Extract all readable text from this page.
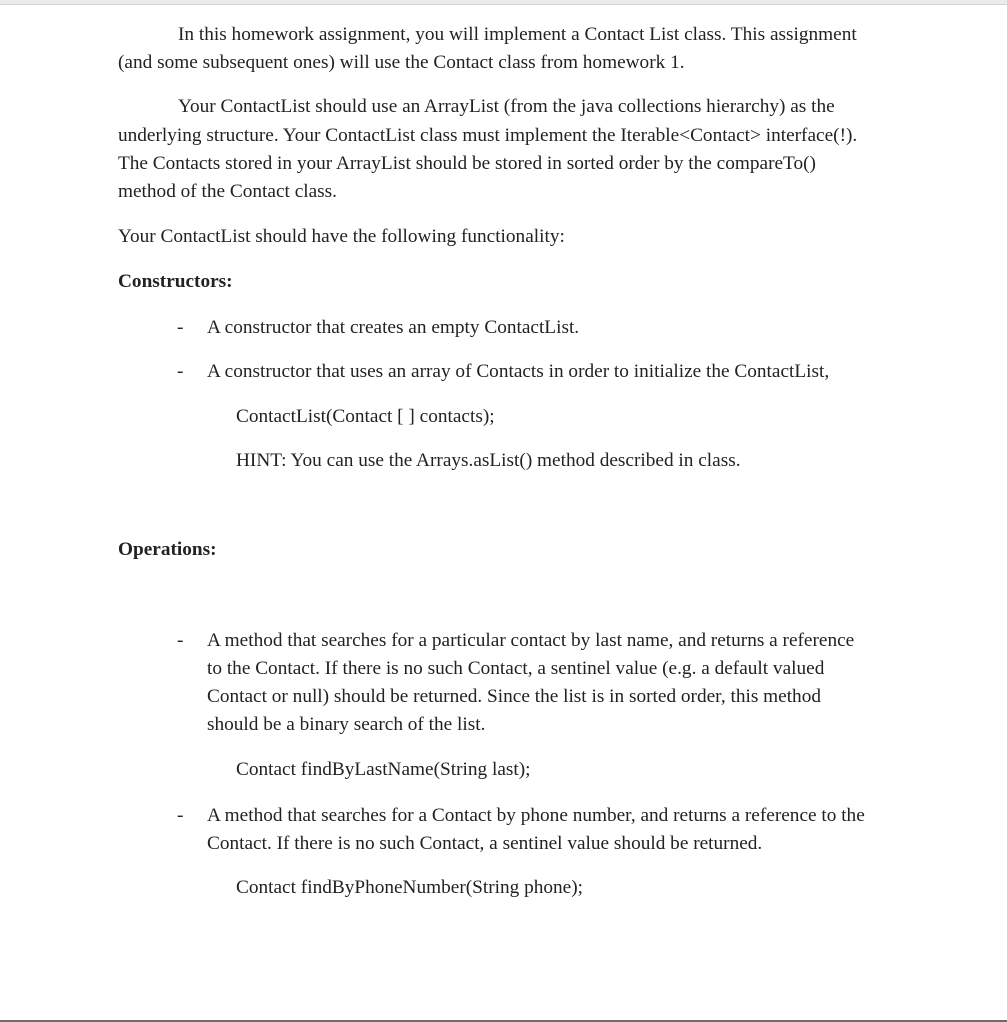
In this homework assignment, you will implement a Contact List class. This assignment
(and some subsequent ones) will use the Contact class from homework 1.
Your ContactList should use an ArrayList (from the java collections hierarchy) as the
underlying structure. Your ContactList class must implement the Iterable<Contact> interface(!).
The Contacts stored in your ArrayList should be stored in sorted order by the compareTo()
method of the Contact class.
Your ContactList should have the following functionality:
Constructors:
- A constructor that creates an empty ContactList.
- A constructor that uses an array of Contacts in order to initialize the ContactList,
ContactList(Contact [ ] contacts);
HINT: You can use the Arrays.asList() method described in class.
Operations:
- A method that searches for a particular contact by last name, and returns a reference
to the Contact. If there is no such Contact, a sentinel value (e.g. a default valued
Contact or null) should be returned. Since the list is in sorted order, this method
should be a binary search of the list.
Contact findByLastName(String last);
- A method that searches for a Contact by phone number, and returns a reference to the
Contact. If there is no such Contact, a sentinel value should be returned.
Contact findByPhoneNumber(String phone);
